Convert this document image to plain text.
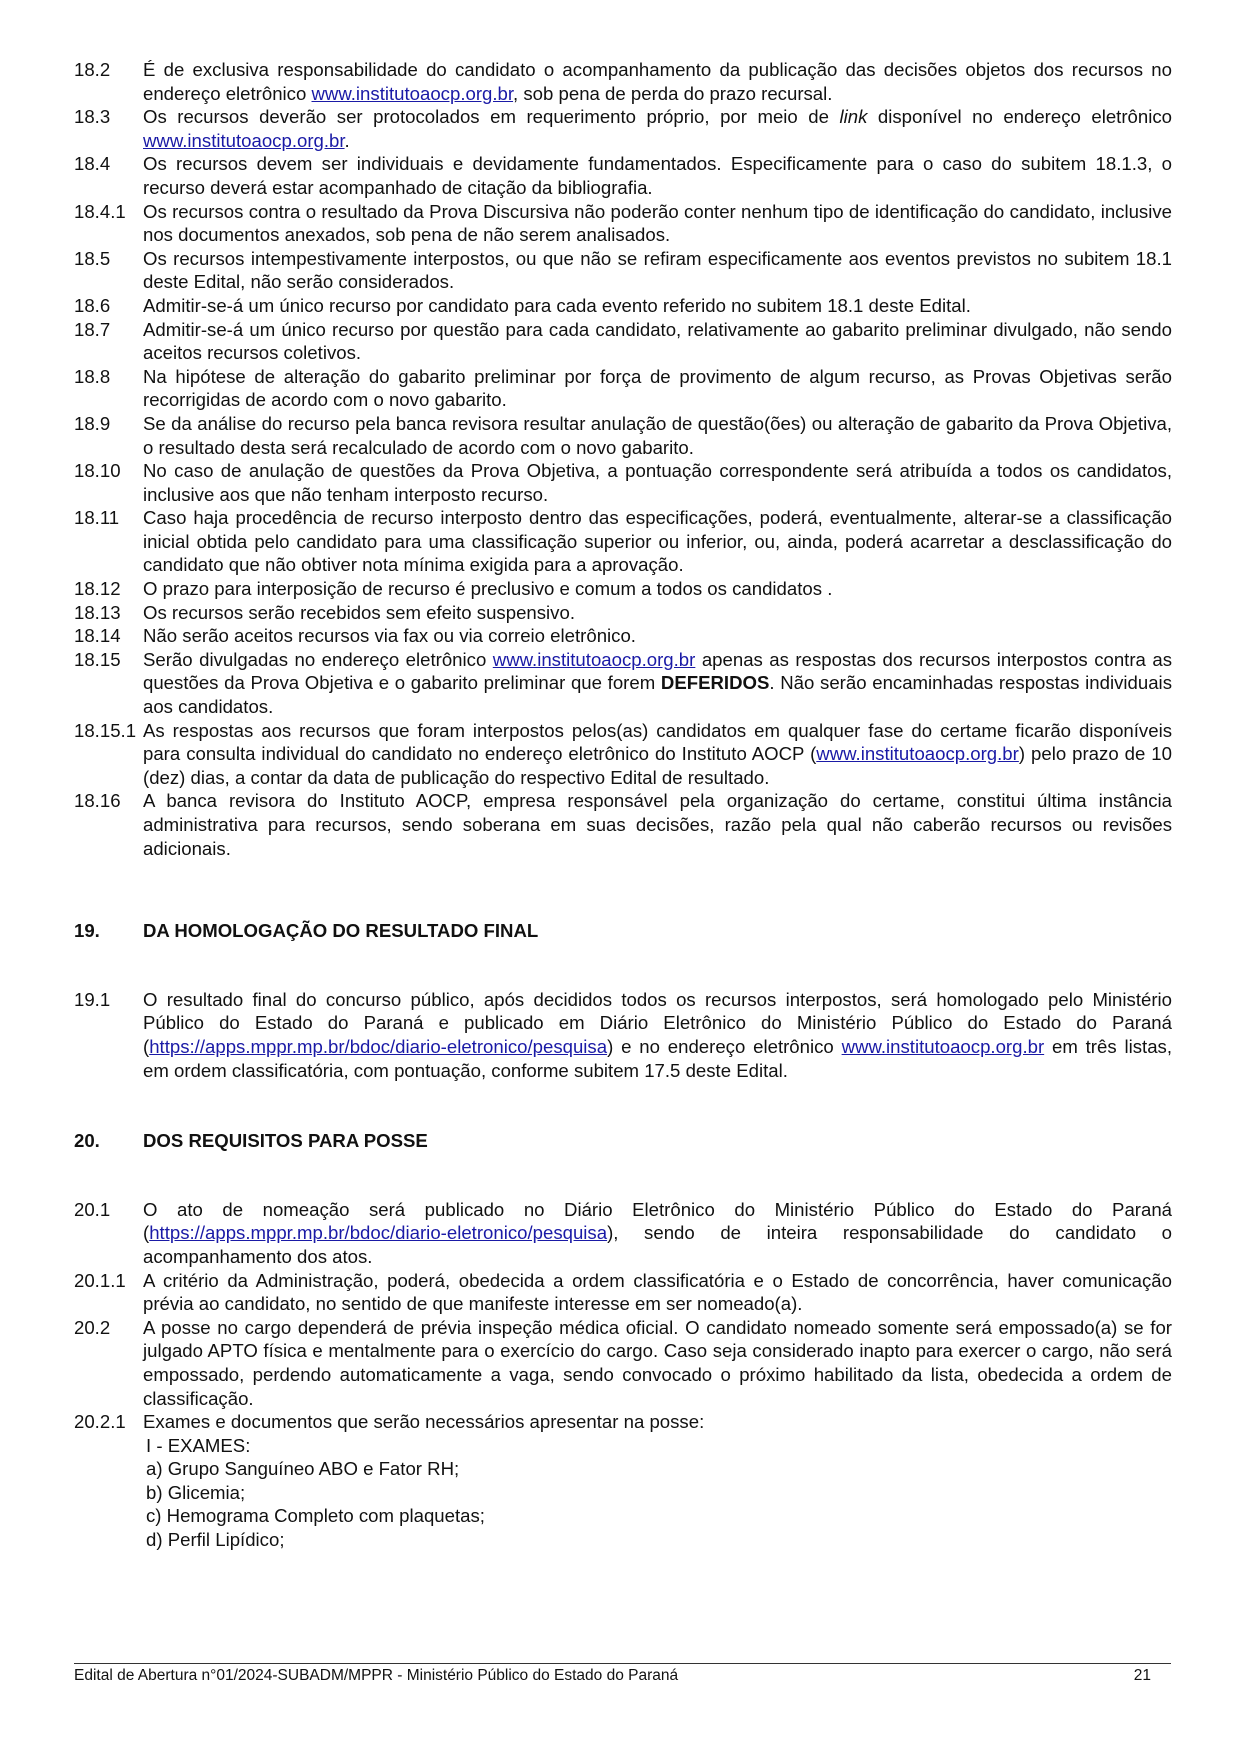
18.2	É de exclusiva responsabilidade do candidato o acompanhamento da publicação das decisões objetos dos recursos no endereço eletrônico www.institutoaocp.org.br, sob pena de perda do prazo recursal.
18.3	Os recursos deverão ser protocolados em requerimento próprio, por meio de link disponível no endereço eletrônico www.institutoaocp.org.br.
18.4	Os recursos devem ser individuais e devidamente fundamentados. Especificamente para o caso do subitem 18.1.3, o recurso deverá estar acompanhado de citação da bibliografia.
18.4.1 Os recursos contra o resultado da Prova Discursiva não poderão conter nenhum tipo de identificação do candidato, inclusive nos documentos anexados, sob pena de não serem analisados.
18.5	Os recursos intempestivamente interpostos, ou que não se refiram especificamente aos eventos previstos no subitem 18.1 deste Edital, não serão considerados.
18.6	Admitir-se-á um único recurso por candidato para cada evento referido no subitem 18.1 deste Edital.
18.7	Admitir-se-á um único recurso por questão para cada candidato, relativamente ao gabarito preliminar divulgado, não sendo aceitos recursos coletivos.
18.8	Na hipótese de alteração do gabarito preliminar por força de provimento de algum recurso, as Provas Objetivas serão recorrigidas de acordo com o novo gabarito.
18.9	Se da análise do recurso pela banca revisora resultar anulação de questão(ões) ou alteração de gabarito da Prova Objetiva, o resultado desta será recalculado de acordo com o novo gabarito.
18.10	No caso de anulação de questões da Prova Objetiva, a pontuação correspondente será atribuída a todos os candidatos, inclusive aos que não tenham interposto recurso.
18.11	Caso haja procedência de recurso interposto dentro das especificações, poderá, eventualmente, alterar-se a classificação inicial obtida pelo candidato para uma classificação superior ou inferior, ou, ainda, poderá acarretar a desclassificação do candidato que não obtiver nota mínima exigida para a aprovação.
18.12	O prazo para interposição de recurso é preclusivo e comum a todos os candidatos .
18.13	Os recursos serão recebidos sem efeito suspensivo.
18.14	Não serão aceitos recursos via fax ou via correio eletrônico.
18.15	Serão divulgadas no endereço eletrônico www.institutoaocp.org.br apenas as respostas dos recursos interpostos contra as questões da Prova Objetiva e o gabarito preliminar que forem DEFERIDOS. Não serão encaminhadas respostas individuais aos candidatos.
18.15.1 As respostas aos recursos que foram interpostos pelos(as) candidatos em qualquer fase do certame ficarão disponíveis para consulta individual do candidato no endereço eletrônico do Instituto AOCP (www.institutoaocp.org.br) pelo prazo de 10 (dez) dias, a contar da data de publicação do respectivo Edital de resultado.
18.16	A banca revisora do Instituto AOCP, empresa responsável pela organização do certame, constitui última instância administrativa para recursos, sendo soberana em suas decisões, razão pela qual não caberão recursos ou revisões adicionais.
19.	DA HOMOLOGAÇÃO DO RESULTADO FINAL
19.1	O resultado final do concurso público, após decididos todos os recursos interpostos, será homologado pelo Ministério Público do Estado do Paraná e publicado em Diário Eletrônico do Ministério Público do Estado do Paraná (https://apps.mppr.mp.br/bdoc/diario-eletronico/pesquisa) e no endereço eletrônico www.institutoaocp.org.br em três listas, em ordem classificatória, com pontuação, conforme subitem 17.5 deste Edital.
20.	DOS REQUISITOS PARA POSSE
20.1	O ato de nomeação será publicado no Diário Eletrônico do Ministério Público do Estado do Paraná (https://apps.mppr.mp.br/bdoc/diario-eletronico/pesquisa), sendo de inteira responsabilidade do candidato o acompanhamento dos atos.
20.1.1 A critério da Administração, poderá, obedecida a ordem classificatória e o Estado de concorrência, haver comunicação prévia ao candidato, no sentido de que manifeste interesse em ser nomeado(a).
20.2	A posse no cargo dependerá de prévia inspeção médica oficial. O candidato nomeado somente será empossado(a) se for julgado APTO física e mentalmente para o exercício do cargo. Caso seja considerado inapto para exercer o cargo, não será empossado, perdendo automaticamente a vaga, sendo convocado o próximo habilitado da lista, obedecida a ordem de classificação.
20.2.1 Exames e documentos que serão necessários apresentar na posse:
I - EXAMES:
a) Grupo Sanguíneo ABO e Fator RH;
b) Glicemia;
c) Hemograma Completo com plaquetas;
d) Perfil Lipídico;
Edital de Abertura n°01/2024-SUBADM/MPPR - Ministério Público do Estado do Paraná	21
